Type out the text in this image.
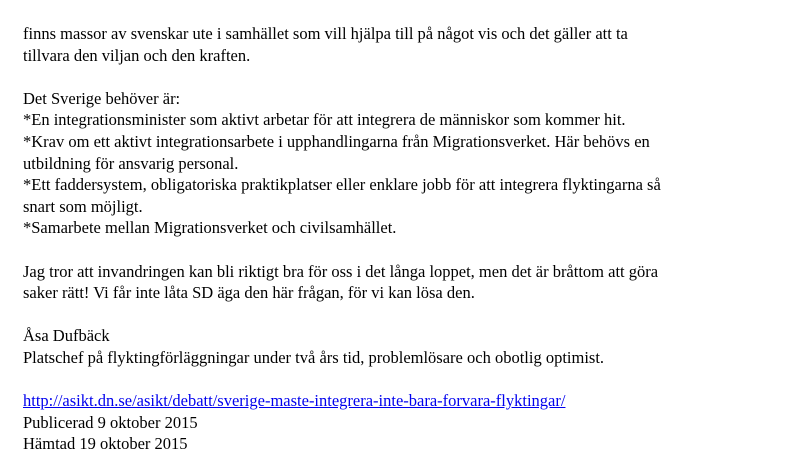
finns massor av svenskar ute i samhället som vill hjälpa till på något vis och det gäller att ta

tillvara den viljan och den kraften.

Det Sverige behöver är:

*En integrationsminister som aktivt arbetar för att integrera de människor som kommer hit.

*Krav om ett aktivt integrationsarbete i upphandlingarna från Migrationsverket. Här behövs en

utbildning för ansvarig personal.

*Ett faddersystem, obligatoriska praktikplatser eller enklare jobb för att integrera flyktingarna så

snart som möjligt.

*Samarbete mellan Migrationsverket och civilsamhället.

Jag tror att invandringen kan bli riktigt bra för oss i det långa loppet, men det är bråttom att göra

saker rätt! Vi får inte låta SD äga den här frågan, för vi kan lösa den.

Åsa Dufbäck

Platschef på flyktingförläggningar under två års tid, problemlösare och obotlig optimist.

http://asikt.dn.se/asikt/debatt/sverige-maste-integrera-inte-bara-forvara-flyktingar/

Publicerad 9 oktober 2015

Hämtad 19 oktober 2015
